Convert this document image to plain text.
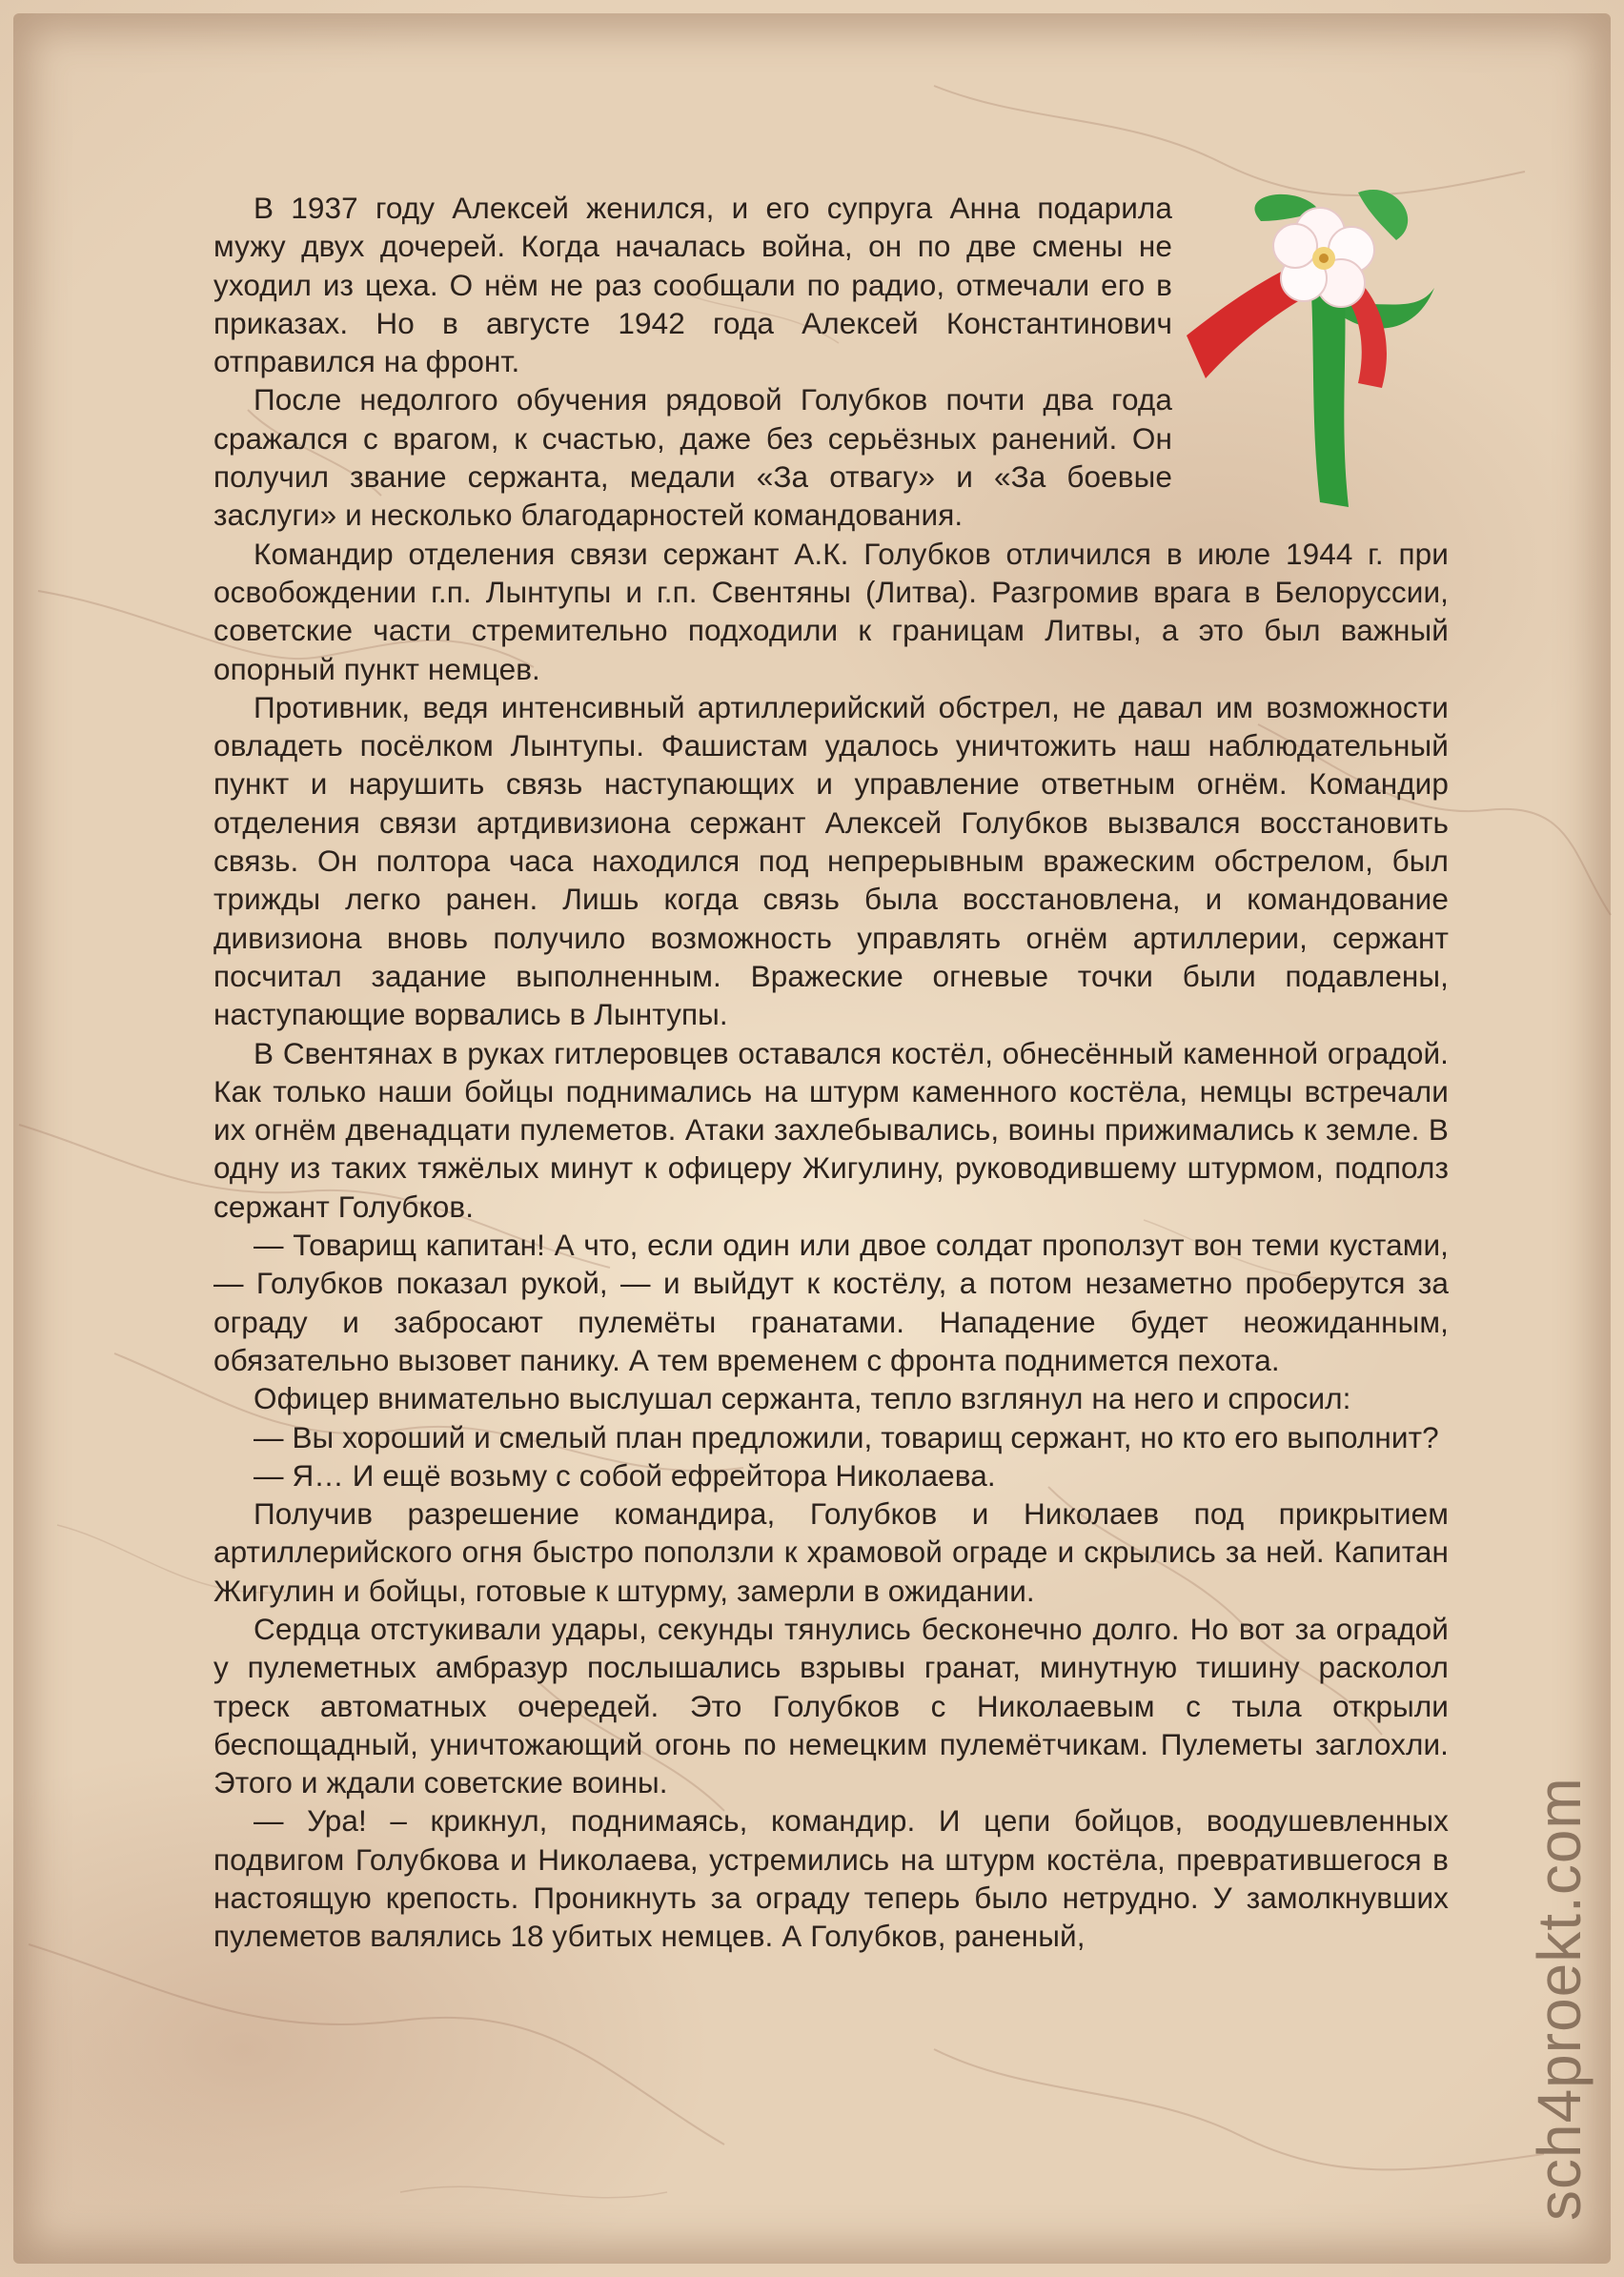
В 1937 году Алексей женился, и его супруга Анна подарила мужу двух дочерей. Когда началась война, он по две смены не уходил из цеха. О нём не раз сообщали по радио, отмечали его в приказах. Но в августе 1942 года Алексей Константинович отправился на фронт.

После недолгого обучения рядовой Голубков почти два года сражался с врагом, к счастью, даже без серьёзных ранений. Он получил звание сержанта, медали «За отвагу» и «За боевые заслуги» и несколько благодарностей командования.

Командир отделения связи сержант А.К. Голубков отличился в июле 1944 г. при освобождении г.п. Лынтупы и г.п. Свентяны (Литва). Разгромив врага в Белоруссии, советские части стремительно подходили к границам Литвы, а это был важный опорный пункт немцев.

Противник, ведя интенсивный артиллерийский обстрел, не давал им возможности овладеть посёлком Лынтупы. Фашистам удалось уничтожить наш наблюдательный пункт и нарушить связь наступающих и управление ответным огнём. Командир отделения связи артдивизиона сержант Алексей Голубков вызвался восстановить связь. Он полтора часа находился под непрерывным вражеским обстрелом, был трижды легко ранен. Лишь когда связь была восстановлена, и командование дивизиона вновь получило возможность управлять огнём артиллерии, сержант посчитал задание выполненным. Вражеские огневые точки были подавлены, наступающие ворвались в Лынтупы.

В Свентянах в руках гитлеровцев оставался костёл, обнесённый каменной оградой. Как только наши бойцы поднимались на штурм каменного костёла, немцы встречали их огнём двенадцати пулеметов. Атаки захлебывались, воины прижимались к земле. В одну из таких тяжёлых минут к офицеру Жигулину, руководившему штурмом, подполз сержант Голубков.

— Товарищ капитан! А что, если один или двое солдат проползут вон теми кустами, — Голубков показал рукой, — и выйдут к костёлу, а потом незаметно проберутся за ограду и забросают пулемёты гранатами. Нападение будет неожиданным, обязательно вызовет панику. А тем временем с фронта поднимется пехота.

Офицер внимательно выслушал сержанта, тепло взглянул на него и спросил:

— Вы хороший и смелый план предложили, товарищ сержант, но кто его выполнит?

— Я… И ещё возьму с собой ефрейтора Николаева.

Получив разрешение командира, Голубков и Николаев под прикрытием артиллерийского огня быстро поползли к храмовой ограде и скрылись за ней. Капитан Жигулин и бойцы, готовые к штурму, замерли в ожидании.

Сердца отстукивали удары, секунды тянулись бесконечно долго. Но вот за оградой у пулеметных амбразур послышались взрывы гранат, минутную тишину расколол треск автоматных очередей. Это Голубков с Николаевым с тыла открыли беспощадный, уничтожающий огонь по немецким пулемётчикам. Пулеметы заглохли. Этого и ждали советские воины.

— Ура! – крикнул, поднимаясь, командир. И цепи бойцов, воодушевленных подвигом Голубкова и Николаева, устремились на штурм костёла, превратившегося в настоящую крепость. Проникнуть за ограду теперь было нетрудно. У замолкнувших пулеметов валялись 18 убитых немцев. А Голубков, раненый,	sch4proekt.com
